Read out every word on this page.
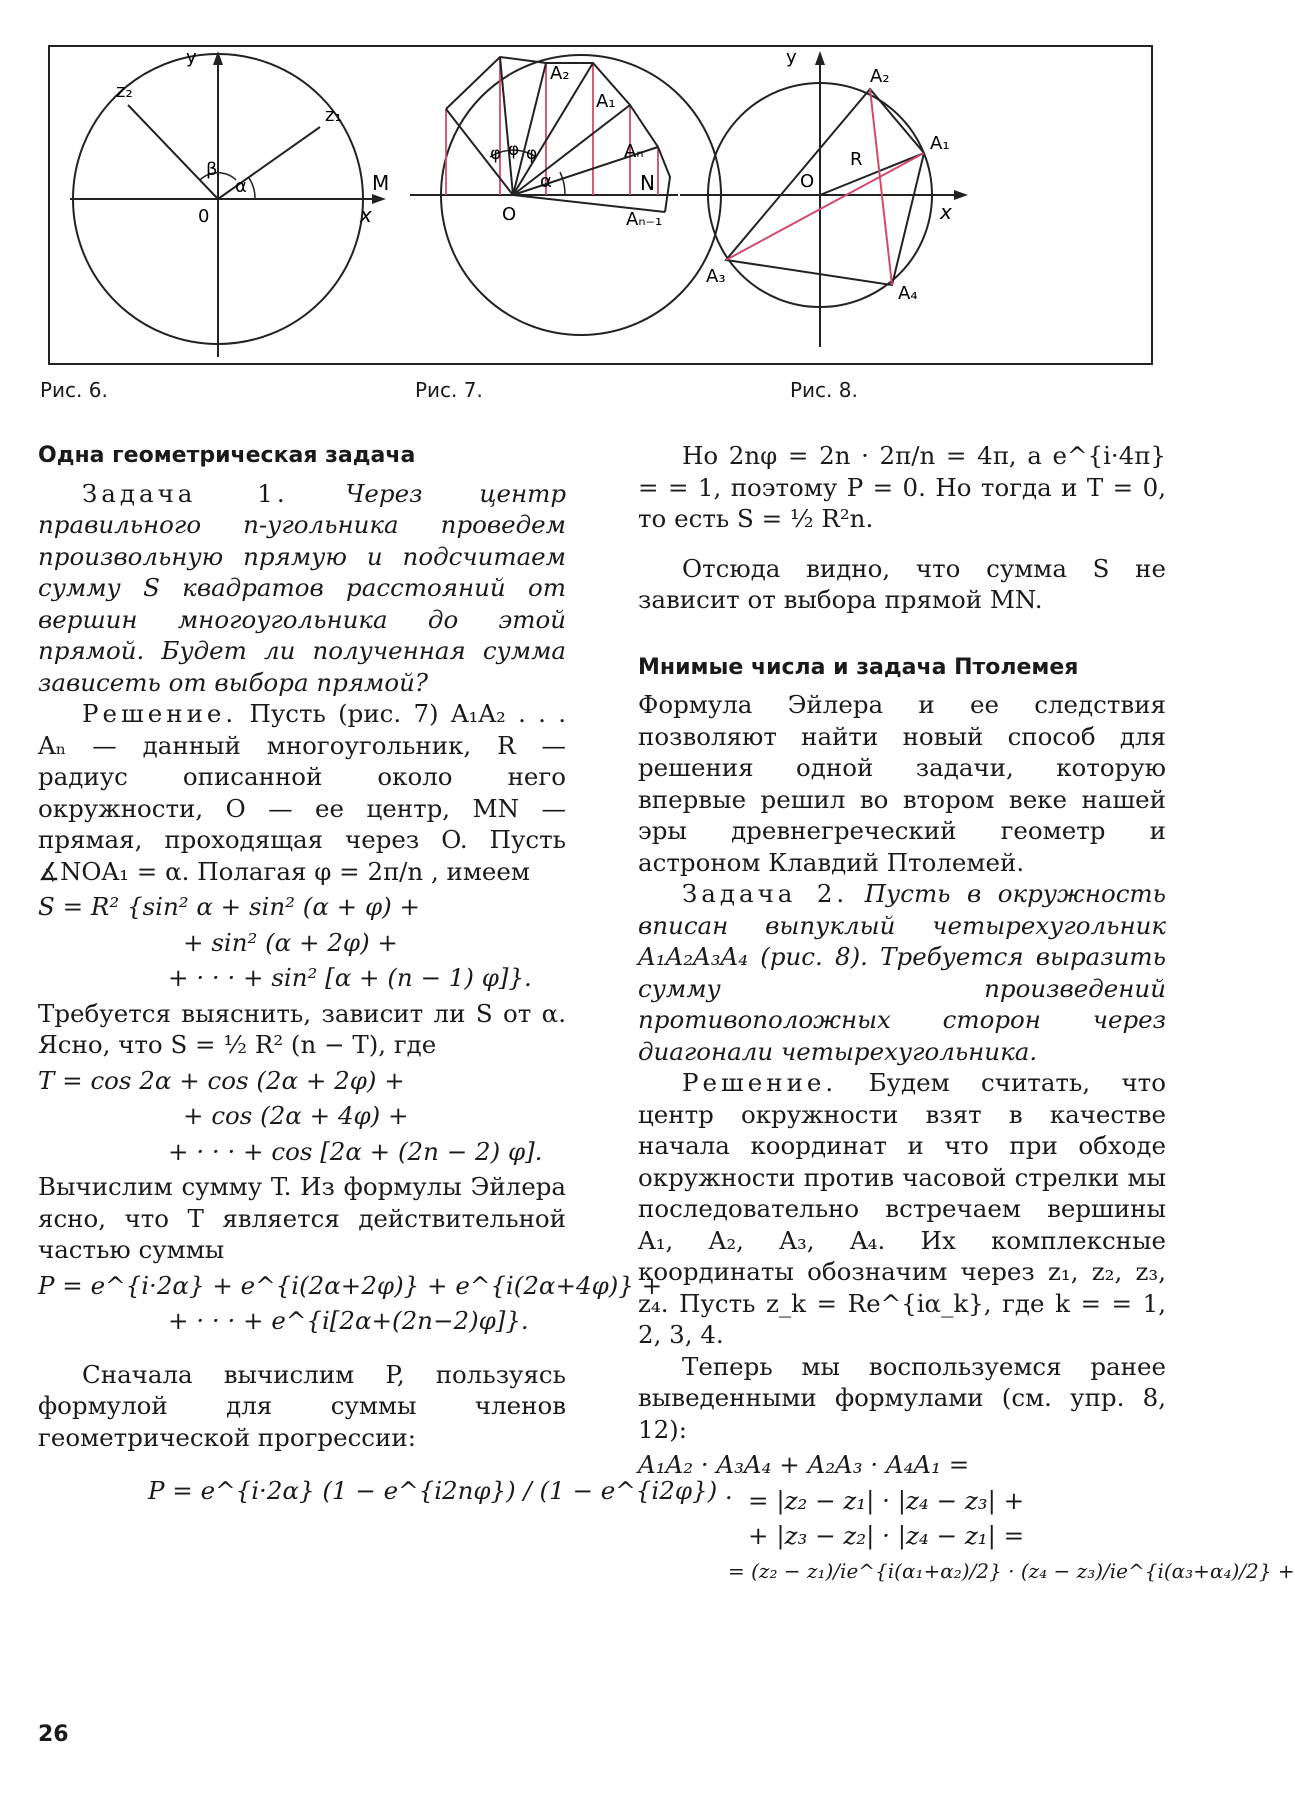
y
x
0
z₁
z₂
α
β
M	N
O
A₂
A₁
Aₙ
Aₙ₋₁
φ φ φ
α
y
x
O
R
A₁
A₂
A₃
A₄
Рис. 6.	Рис. 7.	Рис. 8.
Одна геометрическая задача

Задача 1. Через центр правильного n-угольника проведем произвольную прямую и подсчитаем сумму S квадратов расстояний от вершин многоугольника до этой прямой. Будет ли полученная сумма зависеть от выбора прямой?

Решение. Пусть (рис. 7) A₁A₂ . . . Aₙ — данный многоугольник, R — радиус описанной около него окружности, O — ее центр, MN — прямая, проходящая через O. Пусть ∡NOA₁ = α. Полагая φ = 2π/n , имеем

S = R² {sin² α + sin² (α + φ) +
+ sin² (α + 2φ) +
+ · · · + sin² [α + (n − 1) φ]}.

Требуется выяснить, зависит ли S от α. Ясно, что S = ½ R² (n − T), где

T = cos 2α + cos (2α + 2φ) +
+ cos (2α + 4φ) +
+ · · · + cos [2α + (2n − 2) φ].

Вычислим сумму T. Из формулы Эйлера ясно, что T является действительной частью суммы

P = e^{i·2α} + e^{i(2α+2φ)} + e^{i(2α+4φ)} +
+ · · · + e^{i[2α+(2n−2)φ]}.

Сначала вычислим P, пользуясь формулой для суммы членов геометрической прогрессии:

P = e^{i·2α} (1 − e^{i2nφ}) / (1 − e^{i2φ}) .

Но 2nφ = 2n · 2π/n = 4π, а e^{i·4π} = = 1, поэтому P = 0. Но тогда и T = 0, то есть S = ½ R²n.

Отсюда видно, что сумма S не зависит от выбора прямой MN.

Мнимые числа и задача Птолемея

Формула Эйлера и ее следствия позволяют найти новый способ для решения одной задачи, которую впервые решил во втором веке нашей эры древнегреческий геометр и астроном Клавдий Птолемей.

Задача 2. Пусть в окружность вписан выпуклый четырехугольник A₁A₂A₃A₄ (рис. 8). Требуется выразить сумму произведений противоположных сторон через диагонали четырехугольника.

Решение. Будем считать, что центр окружности взят в качестве начала координат и что при обходе окружности против часовой стрелки мы последовательно встречаем вершины A₁, A₂, A₃, A₄. Их комплексные координаты обозначим через z₁, z₂, z₃, z₄. Пусть z_k = Re^{iα_k}, где k = = 1, 2, 3, 4.

Теперь мы воспользуемся ранее выведенными формулами (см. упр. 8, 12):

A₁A₂ · A₃A₄ + A₂A₃ · A₄A₁ =
= |z₂ − z₁| · |z₄ − z₃| +
+ |z₃ − z₂| · |z₄ − z₁| =
= (z₂ − z₁)/ie^{i(α₁+α₂)/2} · (z₄ − z₃)/ie^{i(α₃+α₄)/2} +
26
